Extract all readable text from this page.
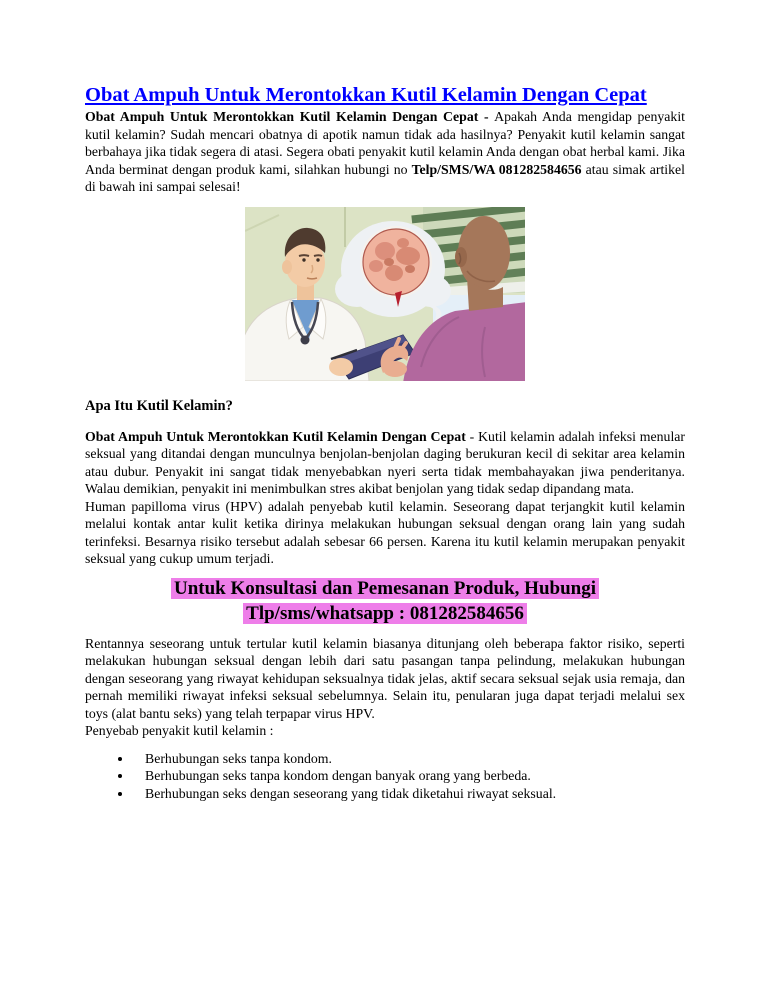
Obat Ampuh Untuk Merontokkan Kutil Kelamin Dengan Cepat

Obat Ampuh Untuk Merontokkan Kutil Kelamin Dengan Cepat - Apakah Anda mengidap penyakit kutil kelamin? Sudah mencari obatnya di apotik namun tidak ada hasilnya? Penyakit kutil kelamin sangat berbahaya jika tidak segera di atasi. Segera obati penyakit kutil kelamin Anda dengan obat herbal kami. Jika Anda berminat dengan produk kami, silahkan hubungi no Telp/SMS/WA 081282584656 atau simak artikel di bawah ini sampai selesai!

Apa Itu Kutil Kelamin?

Obat Ampuh Untuk Merontokkan Kutil Kelamin Dengan Cepat - Kutil kelamin adalah infeksi menular seksual yang ditandai dengan munculnya benjolan-benjolan daging berukuran kecil di sekitar area kelamin atau dubur. Penyakit ini sangat tidak menyebabkan nyeri serta tidak membahayakan jiwa penderitanya. Walau demikian, penyakit ini menimbulkan stres akibat benjolan yang tidak sedap dipandang mata.

Human papilloma virus (HPV) adalah penyebab kutil kelamin. Seseorang dapat terjangkit kutil kelamin melalui kontak antar kulit ketika dirinya melakukan hubungan seksual dengan orang lain yang sudah terinfeksi. Besarnya risiko tersebut adalah sebesar 66 persen. Karena itu kutil kelamin merupakan penyakit seksual yang cukup umum terjadi.

Untuk Konsultasi dan Pemesanan Produk, Hubungi
Tlp/sms/whatsapp : 081282584656

Rentannya seseorang untuk tertular kutil kelamin biasanya ditunjang oleh beberapa faktor risiko, seperti melakukan hubungan seksual dengan lebih dari satu pasangan tanpa pelindung, melakukan hubungan dengan seseorang yang riwayat kehidupan seksualnya tidak jelas, aktif secara seksual sejak usia remaja, dan pernah memiliki riwayat infeksi seksual sebelumnya. Selain itu, penularan juga dapat terjadi melalui sex toys (alat bantu seks) yang telah terpapar virus HPV.

Penyebab penyakit kutil kelamin :

• Berhubungan seks tanpa kondom.
• Berhubungan seks tanpa kondom dengan banyak orang yang berbeda.
• Berhubungan seks dengan seseorang yang tidak diketahui riwayat seksual.
